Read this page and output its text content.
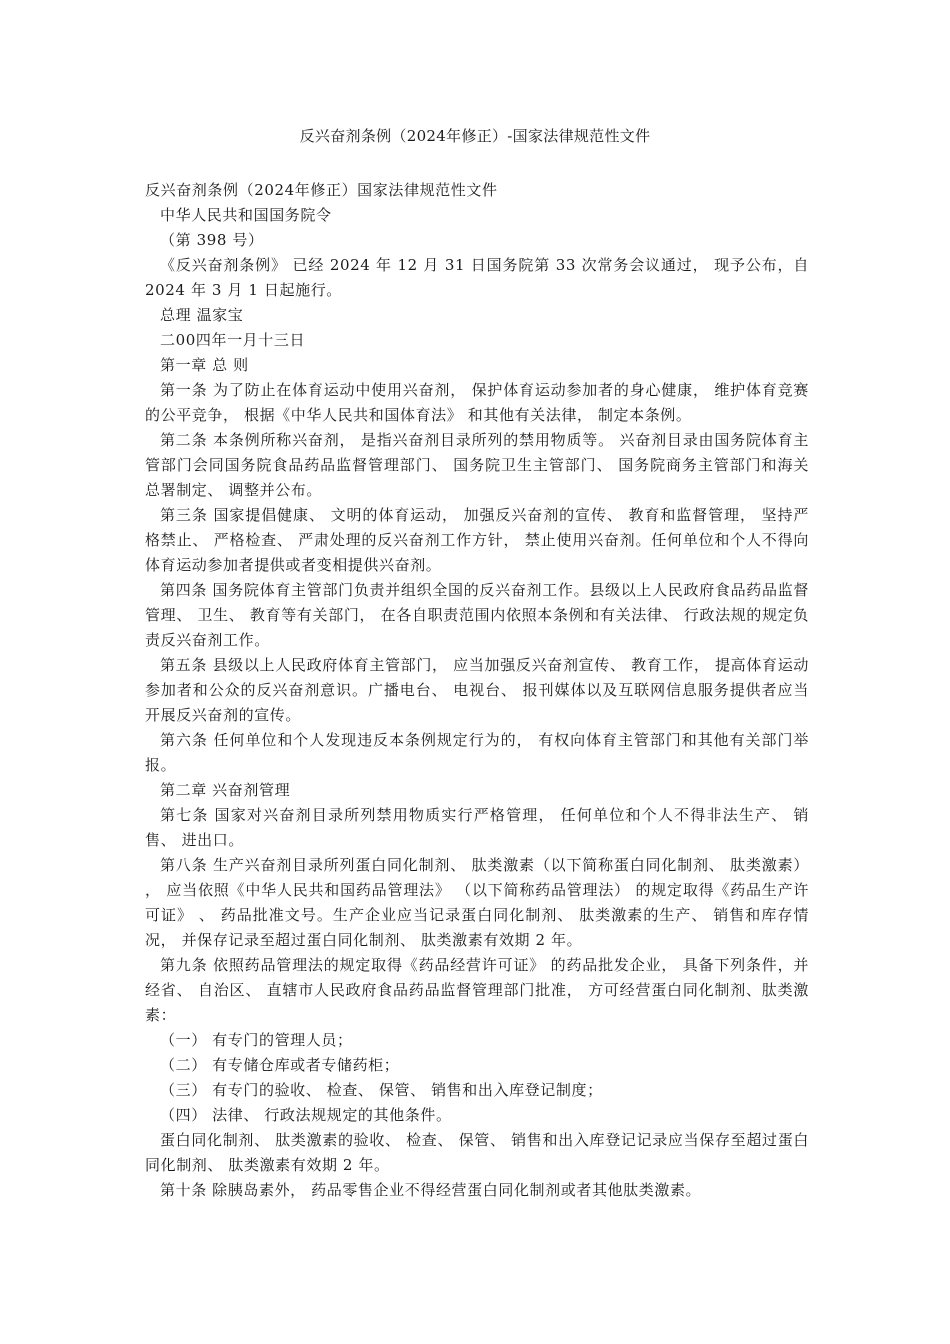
反兴奋剂条例（2024年修正）-国家法律规范性文件

反兴奋剂条例（2024年修正）国家法律规范性文件

中华人民共和国国务院令

（第 398 号）

《反兴奋剂条例》 已经 2024 年 12 月 31 日国务院第 33 次常务会议通过， 现予公布，自2024 年 3 月 1 日起施行。

总理 温家宝

二00四年一月十三日

第一章 总 则

第一条 为了防止在体育运动中使用兴奋剂， 保护体育运动参加者的身心健康， 维护体育竞赛的公平竞争， 根据《中华人民共和国体育法》 和其他有关法律， 制定本条例。

第二条 本条例所称兴奋剂， 是指兴奋剂目录所列的禁用物质等。 兴奋剂目录由国务院体育主管部门会同国务院食品药品监督管理部门、 国务院卫生主管部门、 国务院商务主管部门和海关总署制定、 调整并公布。

第三条 国家提倡健康、 文明的体育运动， 加强反兴奋剂的宣传、 教育和监督管理， 坚持严格禁止、 严格检查、 严肃处理的反兴奋剂工作方针， 禁止使用兴奋剂。任何单位和个人不得向体育运动参加者提供或者变相提供兴奋剂。

第四条 国务院体育主管部门负责并组织全国的反兴奋剂工作。县级以上人民政府食品药品监督管理、 卫生、 教育等有关部门， 在各自职责范围内依照本条例和有关法律、 行政法规的规定负责反兴奋剂工作。

第五条 县级以上人民政府体育主管部门， 应当加强反兴奋剂宣传、 教育工作， 提高体育运动参加者和公众的反兴奋剂意识。广播电台、 电视台、 报刊媒体以及互联网信息服务提供者应当开展反兴奋剂的宣传。

第六条 任何单位和个人发现违反本条例规定行为的， 有权向体育主管部门和其他有关部门举报。

第二章 兴奋剂管理

第七条 国家对兴奋剂目录所列禁用物质实行严格管理， 任何单位和个人不得非法生产、 销售、 进出口。

第八条 生产兴奋剂目录所列蛋白同化制剂、 肽类激素（以下简称蛋白同化制剂、 肽类激素） ， 应当依照《中华人民共和国药品管理法》 （以下简称药品管理法） 的规定取得《药品生产许可证》 、 药品批准文号。生产企业应当记录蛋白同化制剂、 肽类激素的生产、 销售和库存情况， 并保存记录至超过蛋白同化制剂、 肽类激素有效期 2 年。

第九条 依照药品管理法的规定取得《药品经营许可证》 的药品批发企业， 具备下列条件，并经省、 自治区、 直辖市人民政府食品药品监督管理部门批准， 方可经营蛋白同化制剂、肽类激素：

（一） 有专门的管理人员；

（二） 有专储仓库或者专储药柜；

（三） 有专门的验收、 检查、 保管、 销售和出入库登记制度；

（四） 法律、 行政法规规定的其他条件。

蛋白同化制剂、 肽类激素的验收、 检查、 保管、 销售和出入库登记记录应当保存至超过蛋白同化制剂、 肽类激素有效期 2 年。

第十条 除胰岛素外， 药品零售企业不得经营蛋白同化制剂或者其他肽类激素。
